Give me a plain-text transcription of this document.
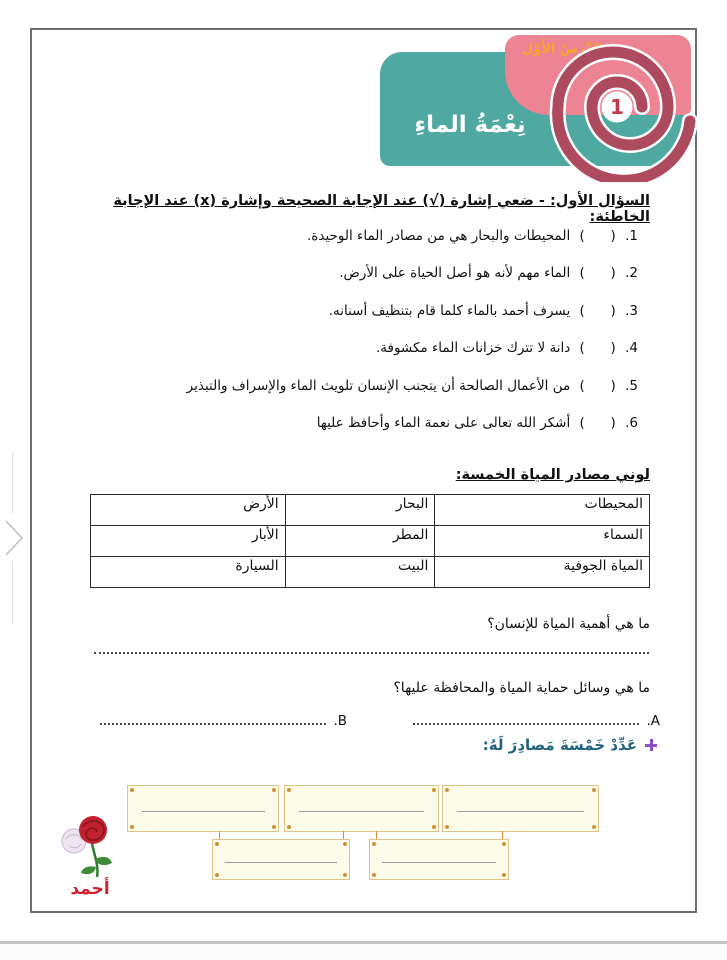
الدَّرسُ الأَوَّل
1
نِعْمَةُ الماءِ
السؤال الأول: - ضعي إشارة (√) عند الإجابة الصحيحة وإشارة (x) عند الإجابة الخاطئة:
1. (      ) المحيطات والبحار هي من مصادر الماء الوحيدة.
2. (      ) الماء مهم لأنه هو أصل الحياة على الأرض.
3. (      ) يسرف أحمد بالماء كلما قام بتنظيف أسنانه.
4. (      ) دانة لا تترك خزانات الماء مكشوفة.
5. (      ) من الأعمال الصالحة أن يتجنب الإنسان تلويث الماء والإسراف والتبذير
6. (      ) أشكر الله تعالى على نعمة الماء وأحافظ عليها
لوني مصادر المياة الخمسة:
المحيطات	البحار	الأرض
السماء	المطر	الأبار
المياة الجوفية	البيت	السيارة
ما هي أهمية المياة للإنسان؟
ما هي وسائل حماية المياة والمحافظة عليها؟
A.
B.
عَدِّدْ خَمْسَةَ مَصادِرَ لَهُ:
أحمد
